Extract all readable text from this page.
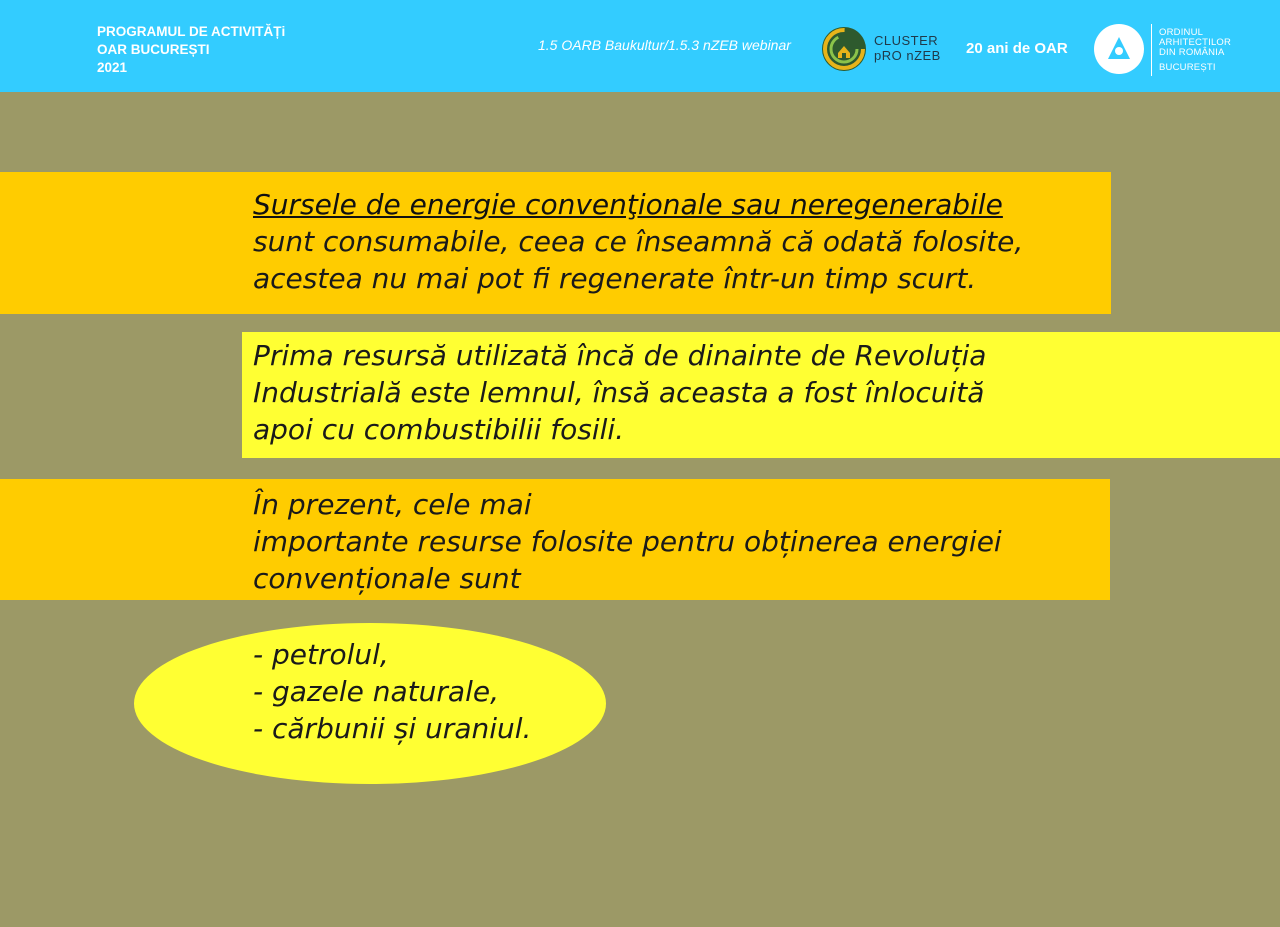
PROGRAMUL DE ACTIVITĂȚi
OAR BUCUREȘTI
2021
1.5 OARB Baukultur/1.5.3 nZEB webinar	CLUSTER
pRO nZEB 20 ani de OAR
ORDINUL
ARHITECTILOR
DIN ROMÂNIA
BUCUREȘTI
Sursele de energie convenţionale sau neregenerabile
sunt consumabile, ceea ce înseamnă că odată folosite,
acestea nu mai pot fi regenerate într-un timp scurt.
Prima resursă utilizată încă de dinainte de Revoluția
Industrială este lemnul, însă aceasta a fost înlocuită
apoi cu combustibilii fosili.
În prezent, cele mai
importante resurse folosite pentru obținerea energiei
convenționale sunt
- petrolul,
- gazele naturale,
- cărbunii și uraniul.
